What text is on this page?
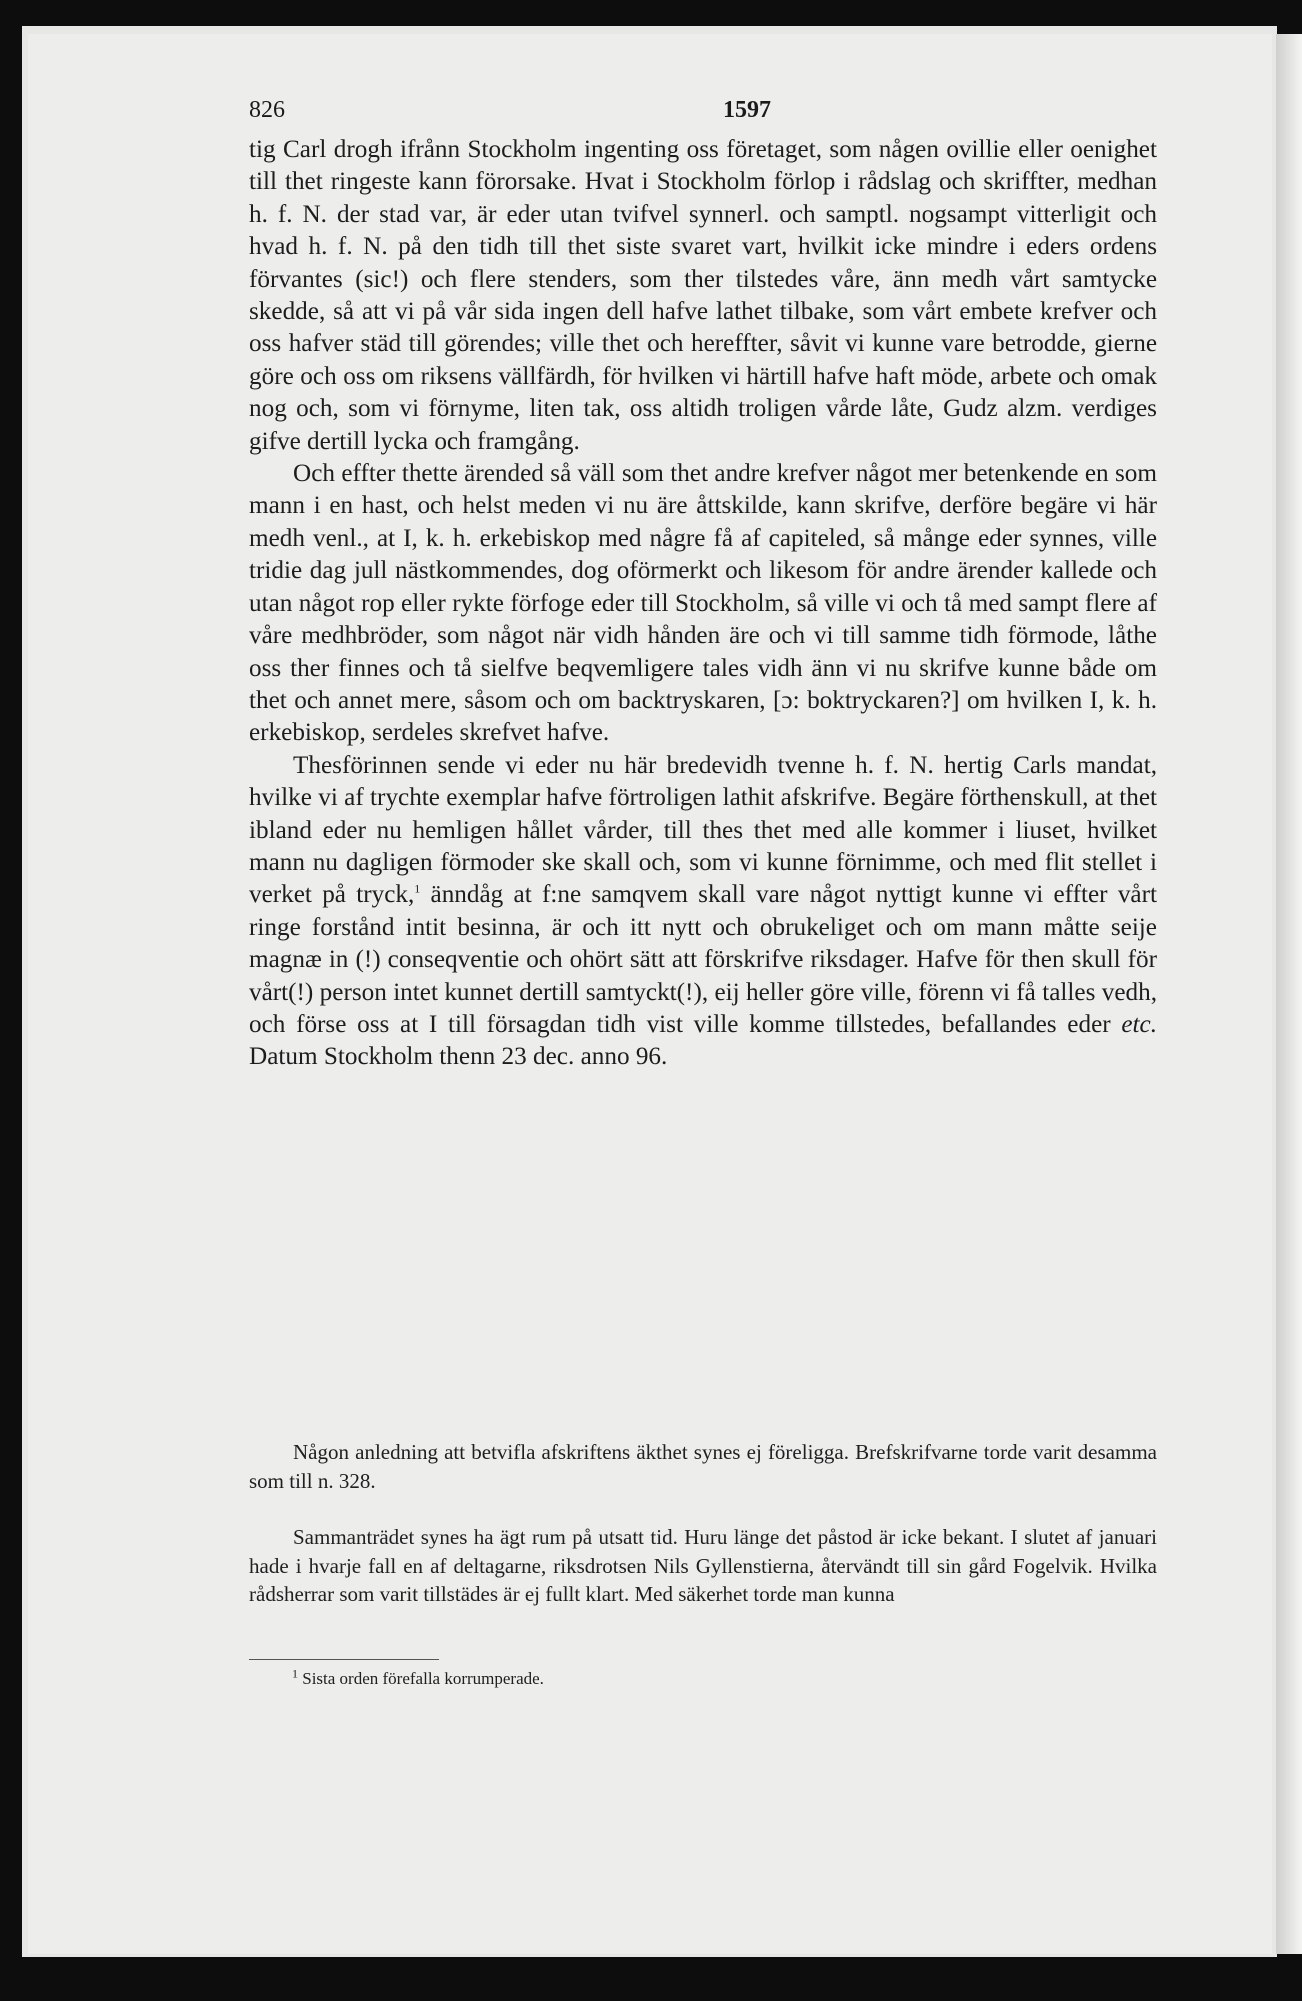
826	1597

tig Carl drogh ifrånn Stockholm ingenting oss företaget, som någen ovillie eller oenighet till thet ringeste kann förorsake. Hvat i Stockholm förlop i rådslag och skriffter, medhan h. f. N. der stad var, är eder utan tvifvel synnerl. och samptl. nogsampt vitterligit och hvad h. f. N. på den tidh till thet siste svaret vart, hvilkit icke mindre i eders ordens förvantes (sic!) och flere stenders, som ther tilstedes våre, änn medh vårt samtycke skedde, så att vi på vår sida ingen dell hafve lathet tilbake, som vårt embete krefver och oss hafver städ till görendes; ville thet och hereffter, såvit vi kunne vare betrodde, gierne göre och oss om riksens vällfärdh, för hvilken vi härtill hafve haft möde, arbete och omak nog och, som vi förnyme, liten tak, oss altidh troligen vårde låte, Gudz alzm. verdiges gifve dertill lycka och framgång.

Och effter thette ärended så väll som thet andre krefver något mer betenkende en som mann i en hast, och helst meden vi nu äre åttskilde, kann skrifve, derföre begäre vi här medh venl., at I, k. h. erkebiskop med någre få af capiteled, så månge eder synnes, ville tridie dag jull nästkommendes, dog oförmerkt och likesom för andre ärender kallede och utan något rop eller rykte förfoge eder till Stockholm, så ville vi och tå med sampt flere af våre medhbröder, som något när vidh hånden äre och vi till samme tidh förmode, låthe oss ther finnes och tå sielfve beqvemligere tales vidh änn vi nu skrifve kunne både om thet och annet mere, såsom och om backtryskaren, [ɔ: boktryckaren?] om hvilken I, k. h. erkebiskop, serdeles skrefvet hafve.

Thesförinnen sende vi eder nu här bredevidh tvenne h. f. N. hertig Carls mandat, hvilke vi af trychte exemplar hafve förtroligen lathit afskrifve. Begäre förthenskull, at thet ibland eder nu hemligen hållet vårder, till thes thet med alle kommer i liuset, hvilket mann nu dagligen förmoder ske skall och, som vi kunne förnimme, och med flit stellet i verket på tryck,$^1$ änndåg at f:ne samqvem skall vare något nyttigt kunne vi effter vårt ringe forstånd intit besinna, är och itt nytt och obrukeliget och om mann måtte seije magnæ in (!) conseqventie och ohört sätt att förskrifve riksdager. Hafve för then skull för vårt(!) person intet kunnet dertill samtyckt(!), eij heller göre ville, förenn vi få talles vedh, och förse oss at I till försagdan tidh vist ville komme tillstedes, befallandes eder etc. Datum Stockholm thenn 23 dec. anno 96.

Någon anledning att betvifla afskriftens äkthet synes ej föreligga. Brefskrifvarne torde varit desamma som till n. 328.

Sammanträdet synes ha ägt rum på utsatt tid. Huru länge det påstod är icke bekant. I slutet af januari hade i hvarje fall en af deltagarne, riksdrotsen Nils Gyllenstierna, återvändt till sin gård Fogelvik. Hvilka rådsherrar som varit tillstädes är ej fullt klart. Med säkerhet torde man kunna

$^1$ Sista orden förefalla korrumperade.
